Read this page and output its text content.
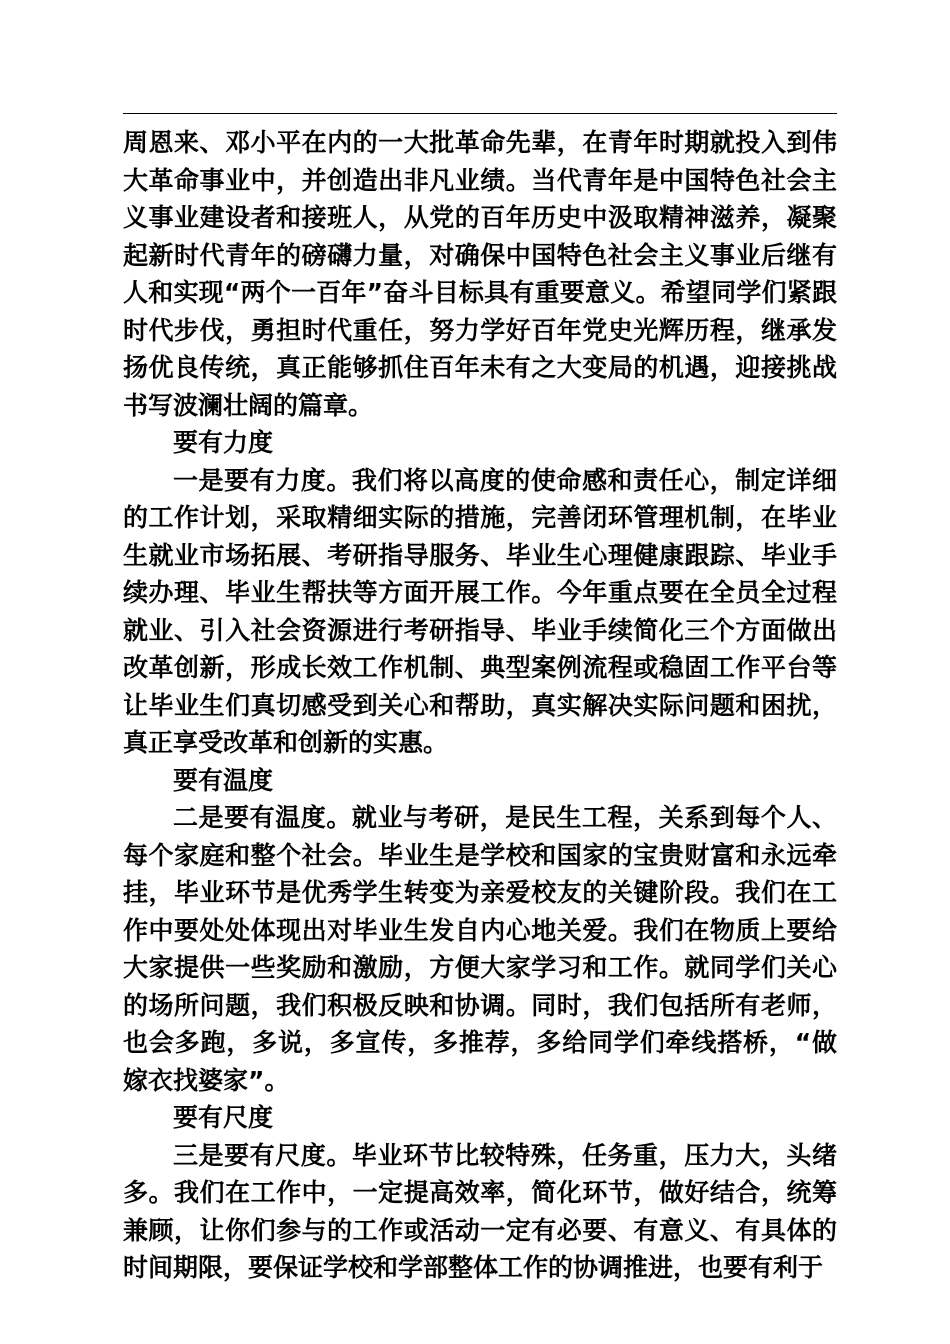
周恩来、邓小平在内的一大批革命先辈，在青年时期就投入到伟大革命事业中，并创造出非凡业绩。当代青年是中国特色社会主义事业建设者和接班人，从党的百年历史中汲取精神滋养，凝聚起新时代青年的磅礴力量，对确保中国特色社会主义事业后继有人和实现“两个一百年”奋斗目标具有重要意义。希望同学们紧跟时代步伐，勇担时代重任，努力学好百年党史光辉历程，继承发扬优良传统，真正能够抓住百年未有之大变局的机遇，迎接挑战书写波澜壮阔的篇章。

要有力度

一是要有力度。我们将以高度的使命感和责任心，制定详细的工作计划，采取精细实际的措施，完善闭环管理机制，在毕业生就业市场拓展、考研指导服务、毕业生心理健康跟踪、毕业手续办理、毕业生帮扶等方面开展工作。今年重点要在全员全过程就业、引入社会资源进行考研指导、毕业手续简化三个方面做出改革创新，形成长效工作机制、典型案例流程或稳固工作平台等让毕业生们真切感受到关心和帮助，真实解决实际问题和困扰，真正享受改革和创新的实惠。

要有温度

二是要有温度。就业与考研，是民生工程，关系到每个人、每个家庭和整个社会。毕业生是学校和国家的宝贵财富和永远牵挂，毕业环节是优秀学生转变为亲爱校友的关键阶段。我们在工作中要处处体现出对毕业生发自内心地关爱。我们在物质上要给大家提供一些奖励和激励，方便大家学习和工作。就同学们关心的场所问题，我们积极反映和协调。同时，我们包括所有老师，也会多跑，多说，多宣传，多推荐，多给同学们牵线搭桥，“做嫁衣找婆家”。

要有尺度

三是要有尺度。毕业环节比较特殊，任务重，压力大，头绪多。我们在工作中，一定提高效率，简化环节，做好结合，统筹兼顾，让你们参与的工作或活动一定有必要、有意义、有具体的时间期限，要保证学校和学部整体工作的协调推进，也要有利于
